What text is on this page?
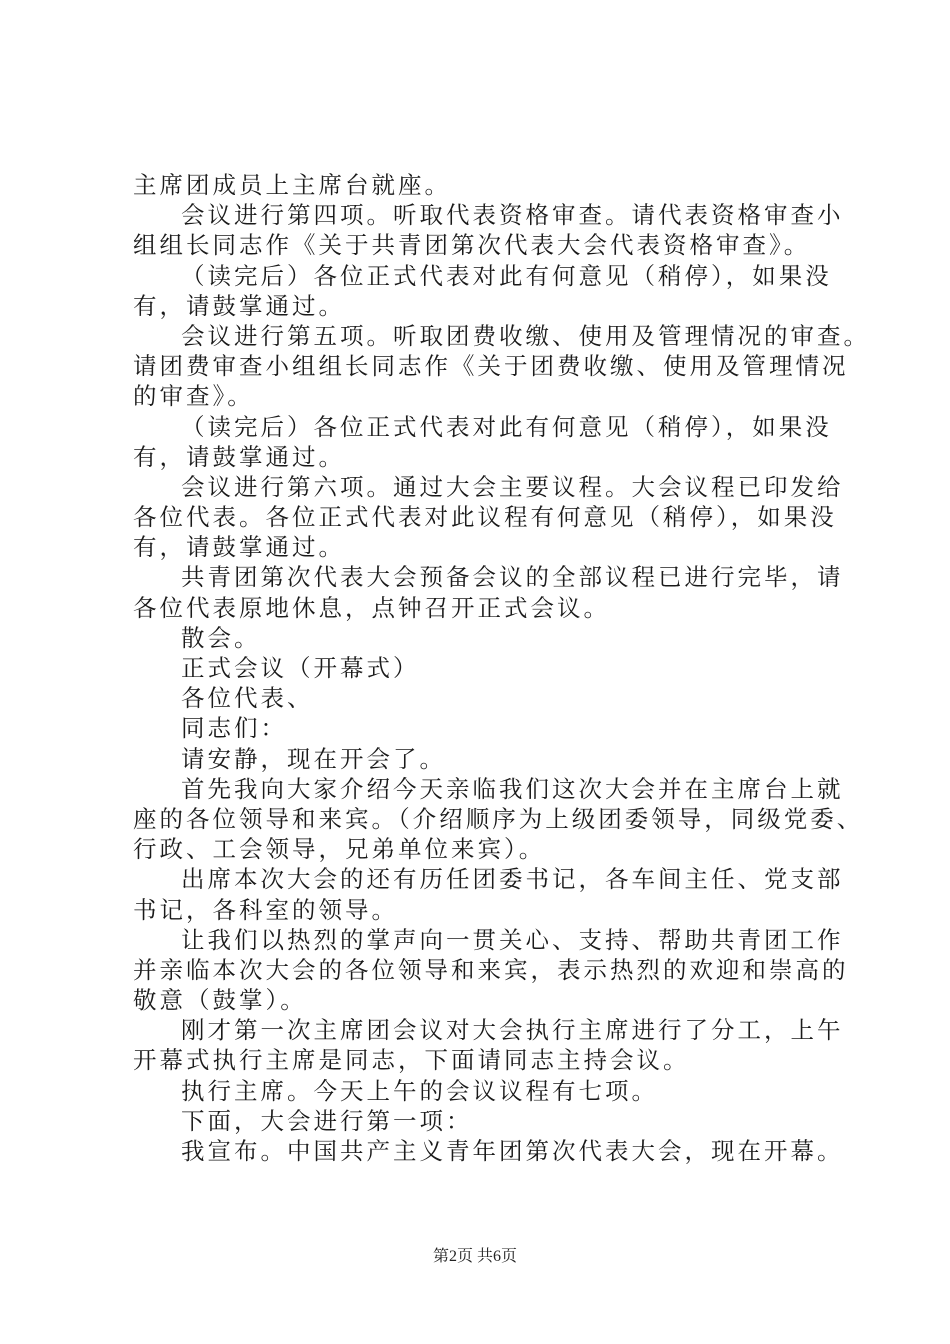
主席团成员上主席台就座。
会议进行第四项。听取代表资格审查。请代表资格审查小
组组长同志作《关于共青团第次代表大会代表资格审查》。
（读完后）各位正式代表对此有何意见（稍停），如果没
有，请鼓掌通过。
会议进行第五项。听取团费收缴、使用及管理情况的审查。
请团费审查小组组长同志作《关于团费收缴、使用及管理情况
的审查》。
（读完后）各位正式代表对此有何意见（稍停），如果没
有，请鼓掌通过。
会议进行第六项。通过大会主要议程。大会议程已印发给
各位代表。各位正式代表对此议程有何意见（稍停），如果没
有，请鼓掌通过。
共青团第次代表大会预备会议的全部议程已进行完毕，请
各位代表原地休息，点钟召开正式会议。
散会。
正式会议（开幕式）
各位代表、
同志们：
请安静，现在开会了。
首先我向大家介绍今天亲临我们这次大会并在主席台上就
座的各位领导和来宾。（介绍顺序为上级团委领导，同级党委、
行政、工会领导，兄弟单位来宾）。
出席本次大会的还有历任团委书记，各车间主任、党支部
书记，各科室的领导。
让我们以热烈的掌声向一贯关心、支持、帮助共青团工作
并亲临本次大会的各位领导和来宾，表示热烈的欢迎和崇高的
敬意（鼓掌）。
刚才第一次主席团会议对大会执行主席进行了分工，上午
开幕式执行主席是同志，下面请同志主持会议。
执行主席。今天上午的会议议程有七项。
下面，大会进行第一项：
我宣布。中国共产主义青年团第次代表大会，现在开幕。
第2页 共6页
